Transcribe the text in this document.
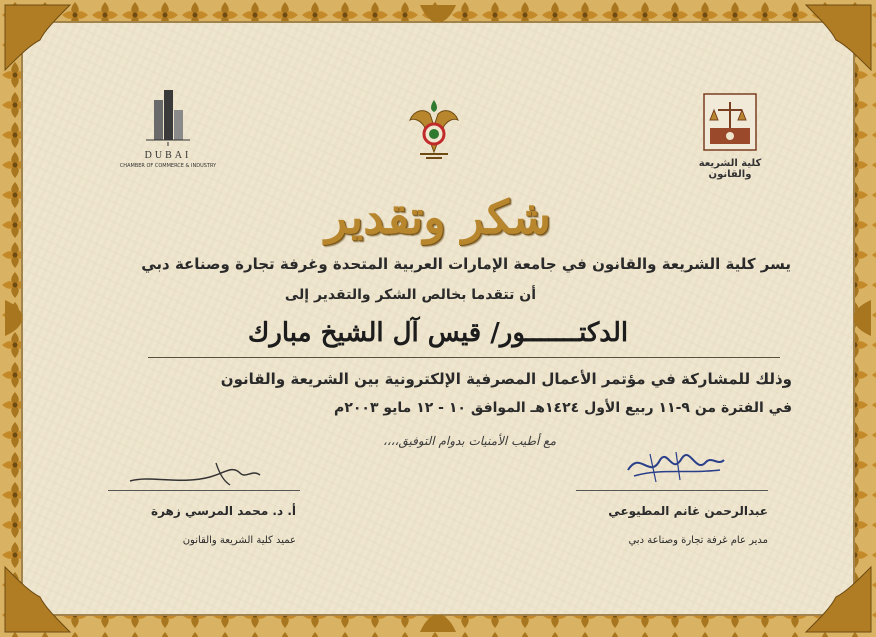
DUBAI
CHAMBER OF COMMERCE & INDUSTRY	كلية الشريعة والقانون
شكر وتقدير
يسر كلية الشريعة والقانون في جامعة الإمارات العربية المتحدة وغرفة تجارة وصناعة دبي
أن تتقدما بخالص الشكر والتقدير إلى
الدكتـــــــور/ قيس آل الشيخ مبارك
وذلك للمشاركة في مؤتمر الأعمال المصرفية الإلكترونية بين الشريعة والقانون
في الفترة من ٩-١١ ربيع الأول ١٤٢٤هـ الموافق ١٠ - ١٢ مايو ٢٠٠٣م
مع أطيب الأمنيات بدوام التوفيق،،،،
عبدالرحمن غانم المطيوعي
مدير عام غرفة تجارة وصناعة دبي
أ. د. محمد المرسي زهرة
عميد كلية الشريعة والقانون
